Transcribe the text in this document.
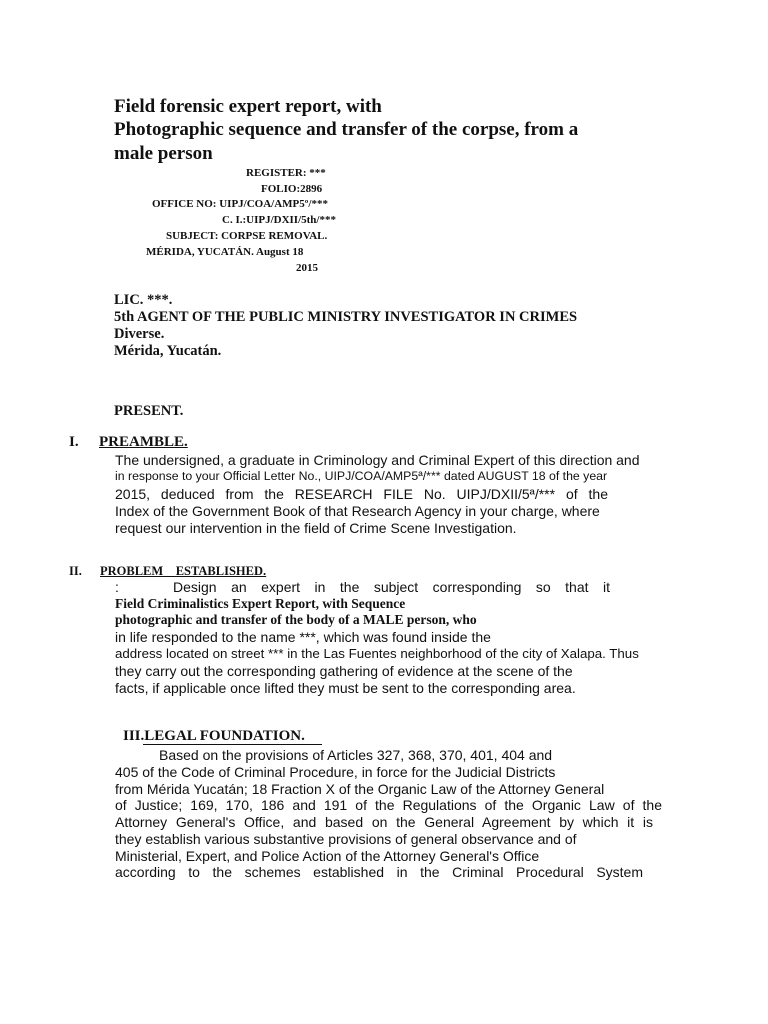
Field forensic expert report, with
Photographic sequence and transfer of the corpse, from a
male person
REGISTER: ***
FOLIO:2896
OFFICE NO: UIPJ/COA/AMP5º/***
C. I.:UIPJ/DXII/5th/***
SUBJECT: CORPSE REMOVAL.
MÉRIDA, YUCATÁN. August 18
2015
LIC. ***.
5th AGENT OF THE PUBLIC MINISTRY INVESTIGATOR IN CRIMES
Diverse.
Mérida, Yucatán.
PRESENT.
I. PREAMBLE.
The undersigned, a graduate in Criminology and Criminal Expert of this direction and
in response to your Official Letter No., UIPJ/COA/AMP5ª/*** dated AUGUST 18 of the year
2015, deduced from the RESEARCH FILE No. UIPJ/DXII/5ª/*** of the
Index of the Government Book of that Research Agency in your charge, where
request our intervention in the field of Crime Scene Investigation.
II. PROBLEM    ESTABLISHED.
:	Design an expert in the subject corresponding so that it
Field Criminalistics Expert Report, with Sequence
photographic and transfer of the body of a MALE person, who
in life responded to the name ***, which was found inside the
address located on street *** in the Las Fuentes neighborhood of the city of Xalapa. Thus
they carry out the corresponding gathering of evidence at the scene of the
facts, if applicable once lifted they must be sent to the corresponding area.
III.LEGAL FOUNDATION.
Based on the provisions of Articles 327, 368, 370, 401, 404 and
405 of the Code of Criminal Procedure, in force for the Judicial Districts
from Mérida Yucatán; 18 Fraction X of the Organic Law of the Attorney General
of Justice; 169, 170, 186 and 191 of the Regulations of the Organic Law of the
Attorney General's Office, and based on the General Agreement by which it is
they establish various substantive provisions of general observance and of
Ministerial, Expert, and Police Action of the Attorney General's Office
according to the schemes established in the Criminal Procedural System
